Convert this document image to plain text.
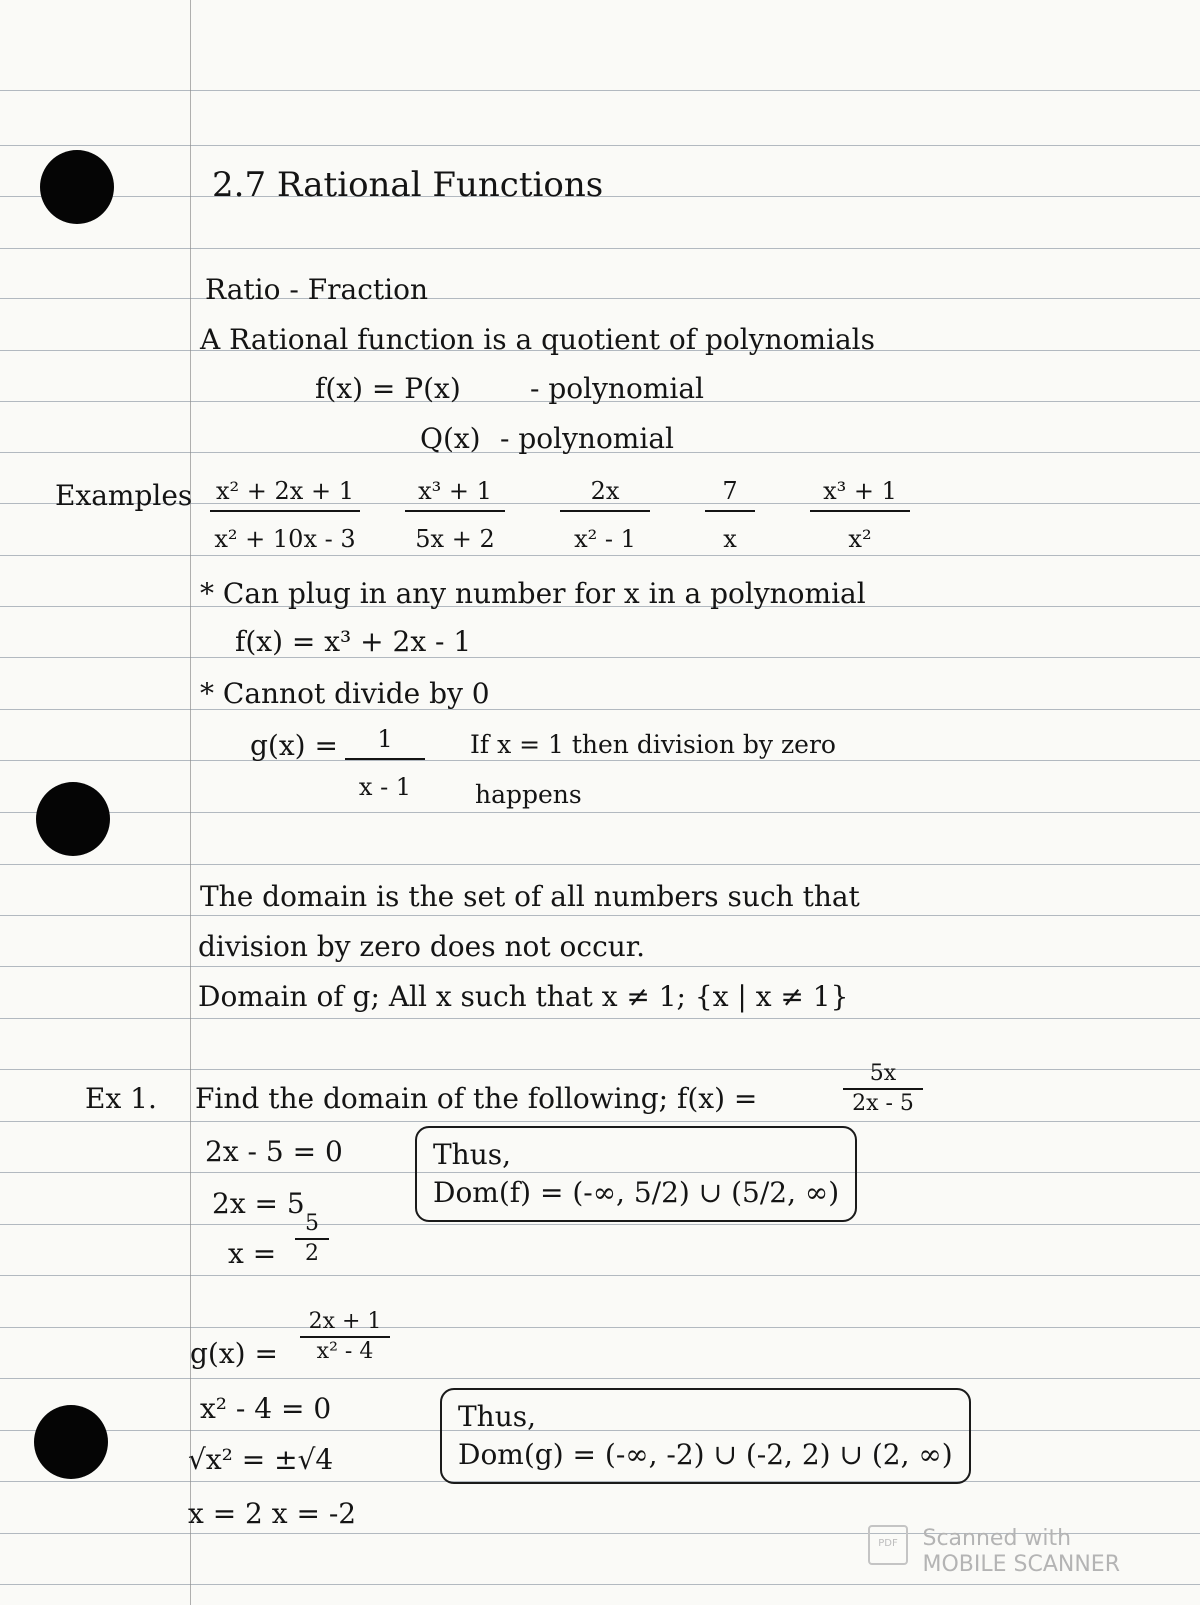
2.7 Rational Functions
Ratio - Fraction
A Rational function is a quotient of polynomials
f(x) = P(x) - polynomial
Q(x) - polynomial
Examples $\frac{\text{x² + 2x + 1}}{\text{x² + 10x - 3}} \frac{\text{x³ + 1}}{5x + 2} \frac{2x}{\text{x² - 1}} \frac{7}{x} \frac{\text{x³ + 1}}{\text{x²}}$
* Can plug in any number for x in a polynomial
f(x) = x³ + 2x - 1
* Cannot divide by 0
$g(x) = \frac{1}{x - 1}$ If x = 1 then division by zero
happens
The domain is the set of all numbers such that
division by zero does not occur.
Domain of g; All x such that x ≠ 1; {x | x ≠ 1}
Ex 1. Find the domain of the following; f(x) =	$\frac{5x}{2x - 5}$
2x - 5 = 0
2x = 5
$x = \frac{5}{2}$
Thus,
Dom(f) = (-∞, 5/2) ∪ (5/2, ∞)
$g(x) = \frac{2x + 1}{\text{x² - 4}}$
x² - 4 = 0
√x² = ±√4
x = 2 x = -2
Thus,
Dom(g) = (-∞, -2) ∪ (-2, 2) ∪ (2, ∞)
PDF	Scanned with
MOBILE SCANNER
